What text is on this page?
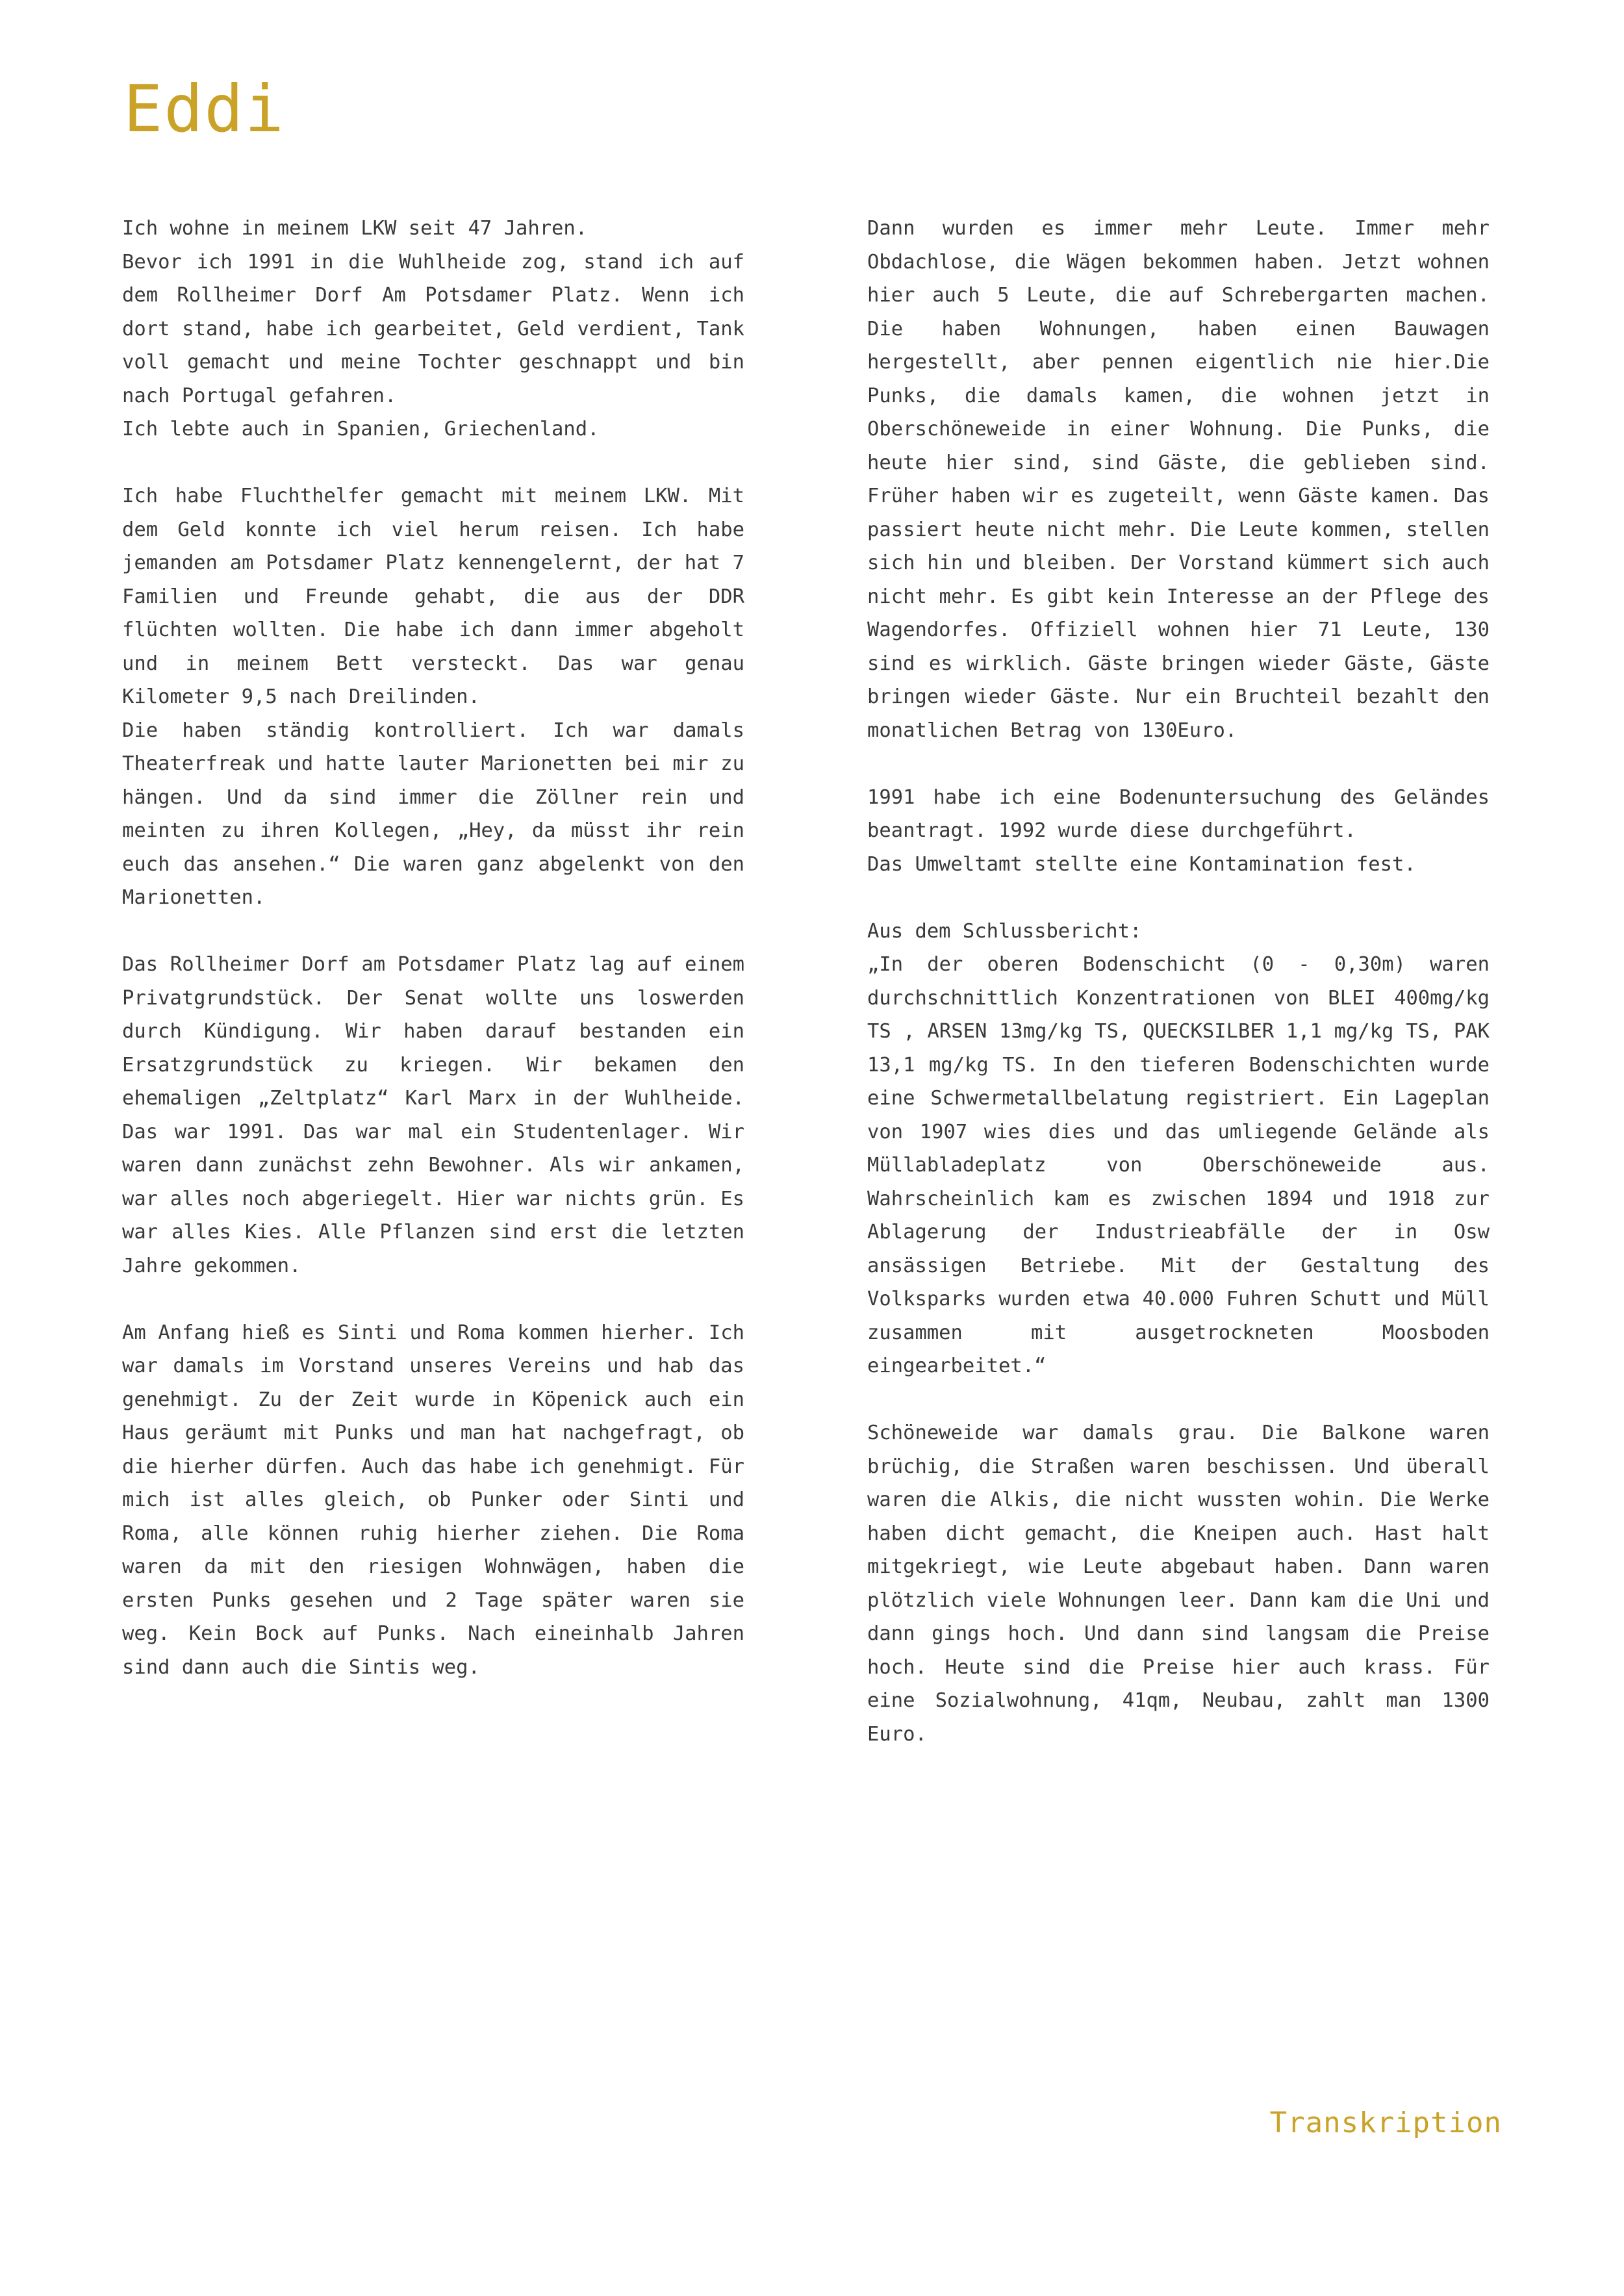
Eddi
Ich wohne in meinem LKW seit 47 Jahren.
Bevor ich 1991 in die Wuhlheide zog, stand ich auf dem Rollheimer Dorf Am Potsdamer Platz. Wenn ich dort stand, habe ich gearbeitet, Geld verdient, Tank voll gemacht und meine Tochter geschnappt und bin nach Portugal gefahren.
Ich lebte auch in Spanien, Griechenland.
Ich habe Fluchthelfer gemacht mit meinem LKW. Mit dem Geld konnte ich viel herum reisen. Ich habe jemanden am Potsdamer Platz kennengelernt, der hat 7 Familien und Freunde gehabt, die aus der DDR flüchten wollten. Die habe ich dann immer abgeholt und in meinem Bett versteckt. Das war genau Kilometer 9,5 nach Dreilinden.
Die haben ständig kontrolliert. Ich war damals Theaterfreak und hatte lauter Marionetten bei mir zu hängen. Und da sind immer die Zöllner rein und meinten zu ihren Kollegen, „Hey, da müsst ihr rein euch das ansehen.“ Die waren ganz abgelenkt von den Marionetten.
Das Rollheimer Dorf am Potsdamer Platz lag auf einem Privatgrundstück. Der Senat wollte uns loswerden durch Kündigung. Wir haben darauf bestanden ein Ersatzgrundstück zu kriegen. Wir bekamen den ehemaligen „Zeltplatz“ Karl Marx in der Wuhlheide. Das war 1991. Das war mal ein Studentenlager. Wir waren dann zunächst zehn Bewohner. Als wir ankamen, war alles noch abgeriegelt. Hier war nichts grün. Es war alles Kies. Alle Pflanzen sind erst die letzten Jahre gekommen.
Am Anfang hieß es Sinti und Roma kommen hierher. Ich war damals im Vorstand unseres Vereins und hab das genehmigt. Zu der Zeit wurde in Köpenick auch ein Haus geräumt mit Punks und man hat nachgefragt, ob die hierher dürfen. Auch das habe ich genehmigt. Für mich ist alles gleich, ob Punker oder Sinti und Roma, alle können ruhig hierher ziehen. Die Roma waren da mit den riesigen Wohnwägen, haben die ersten Punks gesehen und 2 Tage später waren sie weg. Kein Bock auf Punks. Nach eineinhalb Jahren sind dann auch die Sintis weg.
Dann wurden es immer mehr Leute. Immer mehr Obdachlose, die Wägen bekommen haben. Jetzt wohnen hier auch 5 Leute, die auf Schrebergarten machen. Die haben Wohnungen, haben einen Bauwagen hergestellt, aber pennen eigentlich nie hier.Die Punks, die damals kamen, die wohnen jetzt in Oberschöneweide in einer Wohnung. Die Punks, die heute hier sind, sind Gäste, die geblieben sind. Früher haben wir es zugeteilt, wenn Gäste kamen. Das passiert heute nicht mehr. Die Leute kommen, stellen sich hin und bleiben. Der Vorstand kümmert sich auch nicht mehr. Es gibt kein Interesse an der Pflege des Wagendorfes. Offiziell wohnen hier 71 Leute, 130 sind es wirklich. Gäste bringen wieder Gäste, Gäste bringen wieder Gäste. Nur ein Bruchteil bezahlt den monatlichen Betrag von 130Euro.
1991 habe ich eine Bodenuntersuchung des Geländes beantragt. 1992 wurde diese durchgeführt.
Das Umweltamt stellte eine Kontamination fest.
Aus dem Schlussbericht:
„In der oberen Bodenschicht (0 - 0,30m) waren durchschnittlich Konzentrationen von BLEI 400mg/kg TS , ARSEN 13mg/kg TS, QUECKSILBER 1,1 mg/kg TS, PAK 13,1 mg/kg TS. In den tieferen Bodenschichten wurde eine Schwermetallbelatung registriert. Ein Lageplan von 1907 wies dies und das umliegende Gelände als Müllabladeplatz von Oberschöneweide aus. Wahrscheinlich kam es zwischen 1894 und 1918 zur Ablagerung der Industrieabfälle der in Osw ansässigen Betriebe. Mit der Gestaltung des Volksparks wurden etwa 40.000 Fuhren Schutt und Müll zusammen mit ausgetrockneten Moosboden eingearbeitet.“
Schöneweide war damals grau. Die Balkone waren brüchig, die Straßen waren beschissen. Und überall waren die Alkis, die nicht wussten wohin. Die Werke haben dicht gemacht, die Kneipen auch. Hast halt mitgekriegt, wie Leute abgebaut haben. Dann waren plötzlich viele Wohnungen leer. Dann kam die Uni und dann gings hoch. Und dann sind langsam die Preise hoch. Heute sind die Preise hier auch krass. Für eine Sozialwohnung, 41qm, Neubau, zahlt man 1300 Euro.
Transkription
